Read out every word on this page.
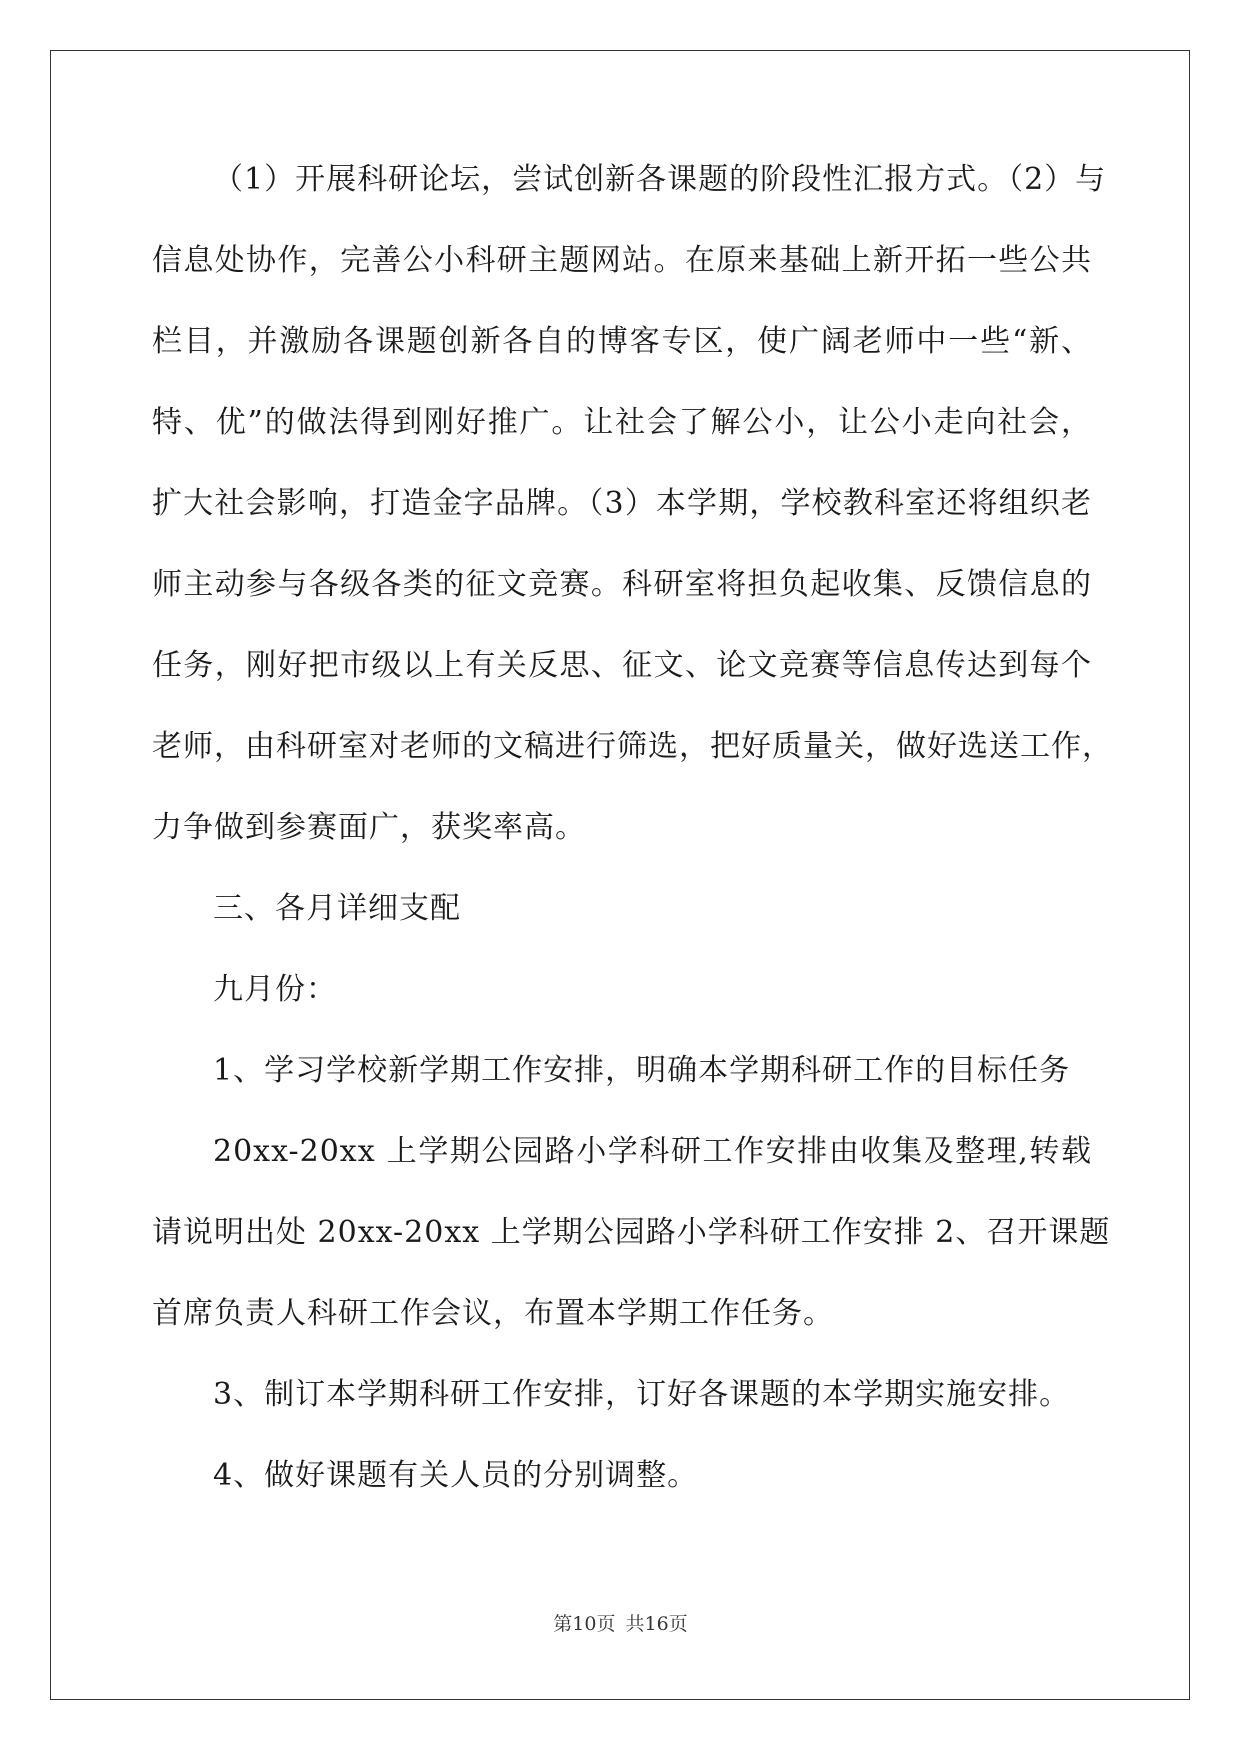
（1）开展科研论坛，尝试创新各课题的阶段性汇报方式。（2）与
信息处协作，完善公小科研主题网站。在原来基础上新开拓一些公共
栏目，并激励各课题创新各自的博客专区，使广阔老师中一些“新、
特、优”的做法得到刚好推广。让社会了解公小，让公小走向社会，
扩大社会影响，打造金字品牌。（3）本学期，学校教科室还将组织老
师主动参与各级各类的征文竞赛。科研室将担负起收集、反馈信息的
任务，刚好把市级以上有关反思、征文、论文竞赛等信息传达到每个
老师，由科研室对老师的文稿进行筛选，把好质量关，做好选送工作，
力争做到参赛面广，获奖率高。
三、各月详细支配
九月份：
1、学习学校新学期工作安排，明确本学期科研工作的目标任务
20xx-20xx 上学期公园路小学科研工作安排由收集及整理,转载
请说明出处 20xx-20xx 上学期公园路小学科研工作安排 2、召开课题
首席负责人科研工作会议，布置本学期工作任务。
3、制订本学期科研工作安排，订好各课题的本学期实施安排。
4、做好课题有关人员的分别调整。
第10页 共16页
